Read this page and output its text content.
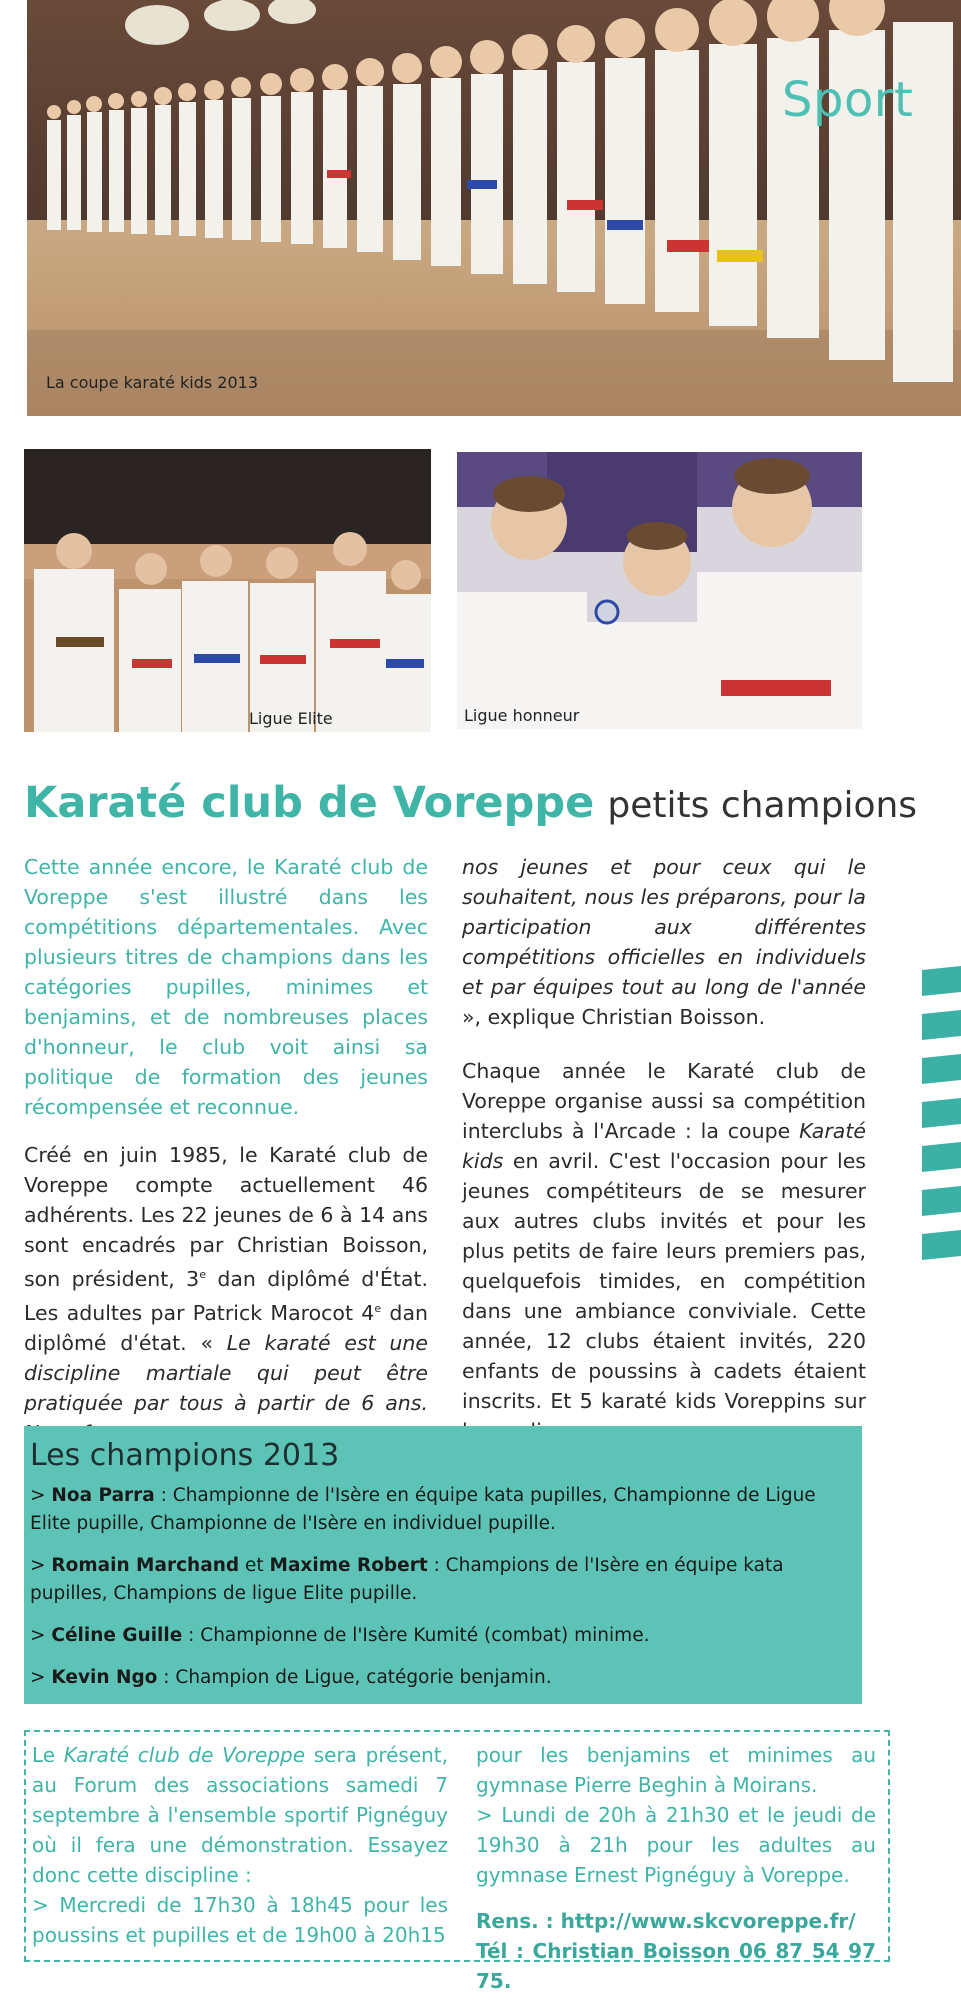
La coupe karaté kids 2013
Sport
Ligue Elite	Ligue honneur
Karaté club de Voreppe petits champions

Cette année encore, le Karaté club de Voreppe s'est illustré dans les compétitions départementales. Avec plusieurs titres de champions dans les catégories pupilles, minimes et benjamins, et de nombreuses places d'honneur, le club voit ainsi sa politique de formation des jeunes récompensée et reconnue.

Créé en juin 1985, le Karaté club de Voreppe compte actuellement 46 adhérents. Les 22 jeunes de 6 à 14 ans sont encadrés par Christian Boisson, son président, 3e dan diplômé d'État. Les adultes par Patrick Marocot 4e dan diplômé d'état. « Le karaté est une discipline martiale qui peut être pratiquée par tous à partir de 6 ans.

nos jeunes et pour ceux qui le souhaitent, nous les préparons, pour la participation aux différentes compétitions officielles en individuels et par équipes tout au long de l'année », explique Christian Boisson.

Chaque année le Karaté club de Voreppe organise aussi sa compétition interclubs à l'Arcade : la coupe Karaté kids en avril. C'est l'occasion pour les jeunes compétiteurs de se mesurer aux autres clubs invités et pour les plus petits de faire leurs premiers pas, quelquefois timides, en compétition dans une ambiance conviviale. Cette année, 12 clubs étaient invités, 220 enfants de poussins à cadets étaient inscrits. Et 5 karaté kids Voreppins sur

Les champions 2013
> Noa Parra : Championne de l'Isère en équipe kata pupilles, Championne de Ligue Elite pupille, Championne de l'Isère en individuel pupille.
> Romain Marchand et Maxime Robert : Champions de l'Isère en équipe kata pupilles, Champions de ligue Elite pupille.
> Céline Guille : Championne de l'Isère Kumité (combat) minime.
> Kevin Ngo : Champion de Ligue, catégorie benjamin.
Le Karaté club de Voreppe sera présent, au Forum des associations samedi 7 septembre à l'ensemble sportif Pignéguy où il fera une démonstration. Essayez donc cette discipline :
> Mercredi de 17h30 à 18h45 pour les poussins et pupilles et de 19h00 à 20h15
pour les benjamins et minimes au gymnase Pierre Beghin à Moirans.
> Lundi de 20h à 21h30 et le jeudi de 19h30 à 21h pour les adultes au gymnase Ernest Pignéguy à Voreppe.
Rens. : http://www.skcvoreppe.fr/
Tél : Christian Boisson 06 87 54 97 75.
